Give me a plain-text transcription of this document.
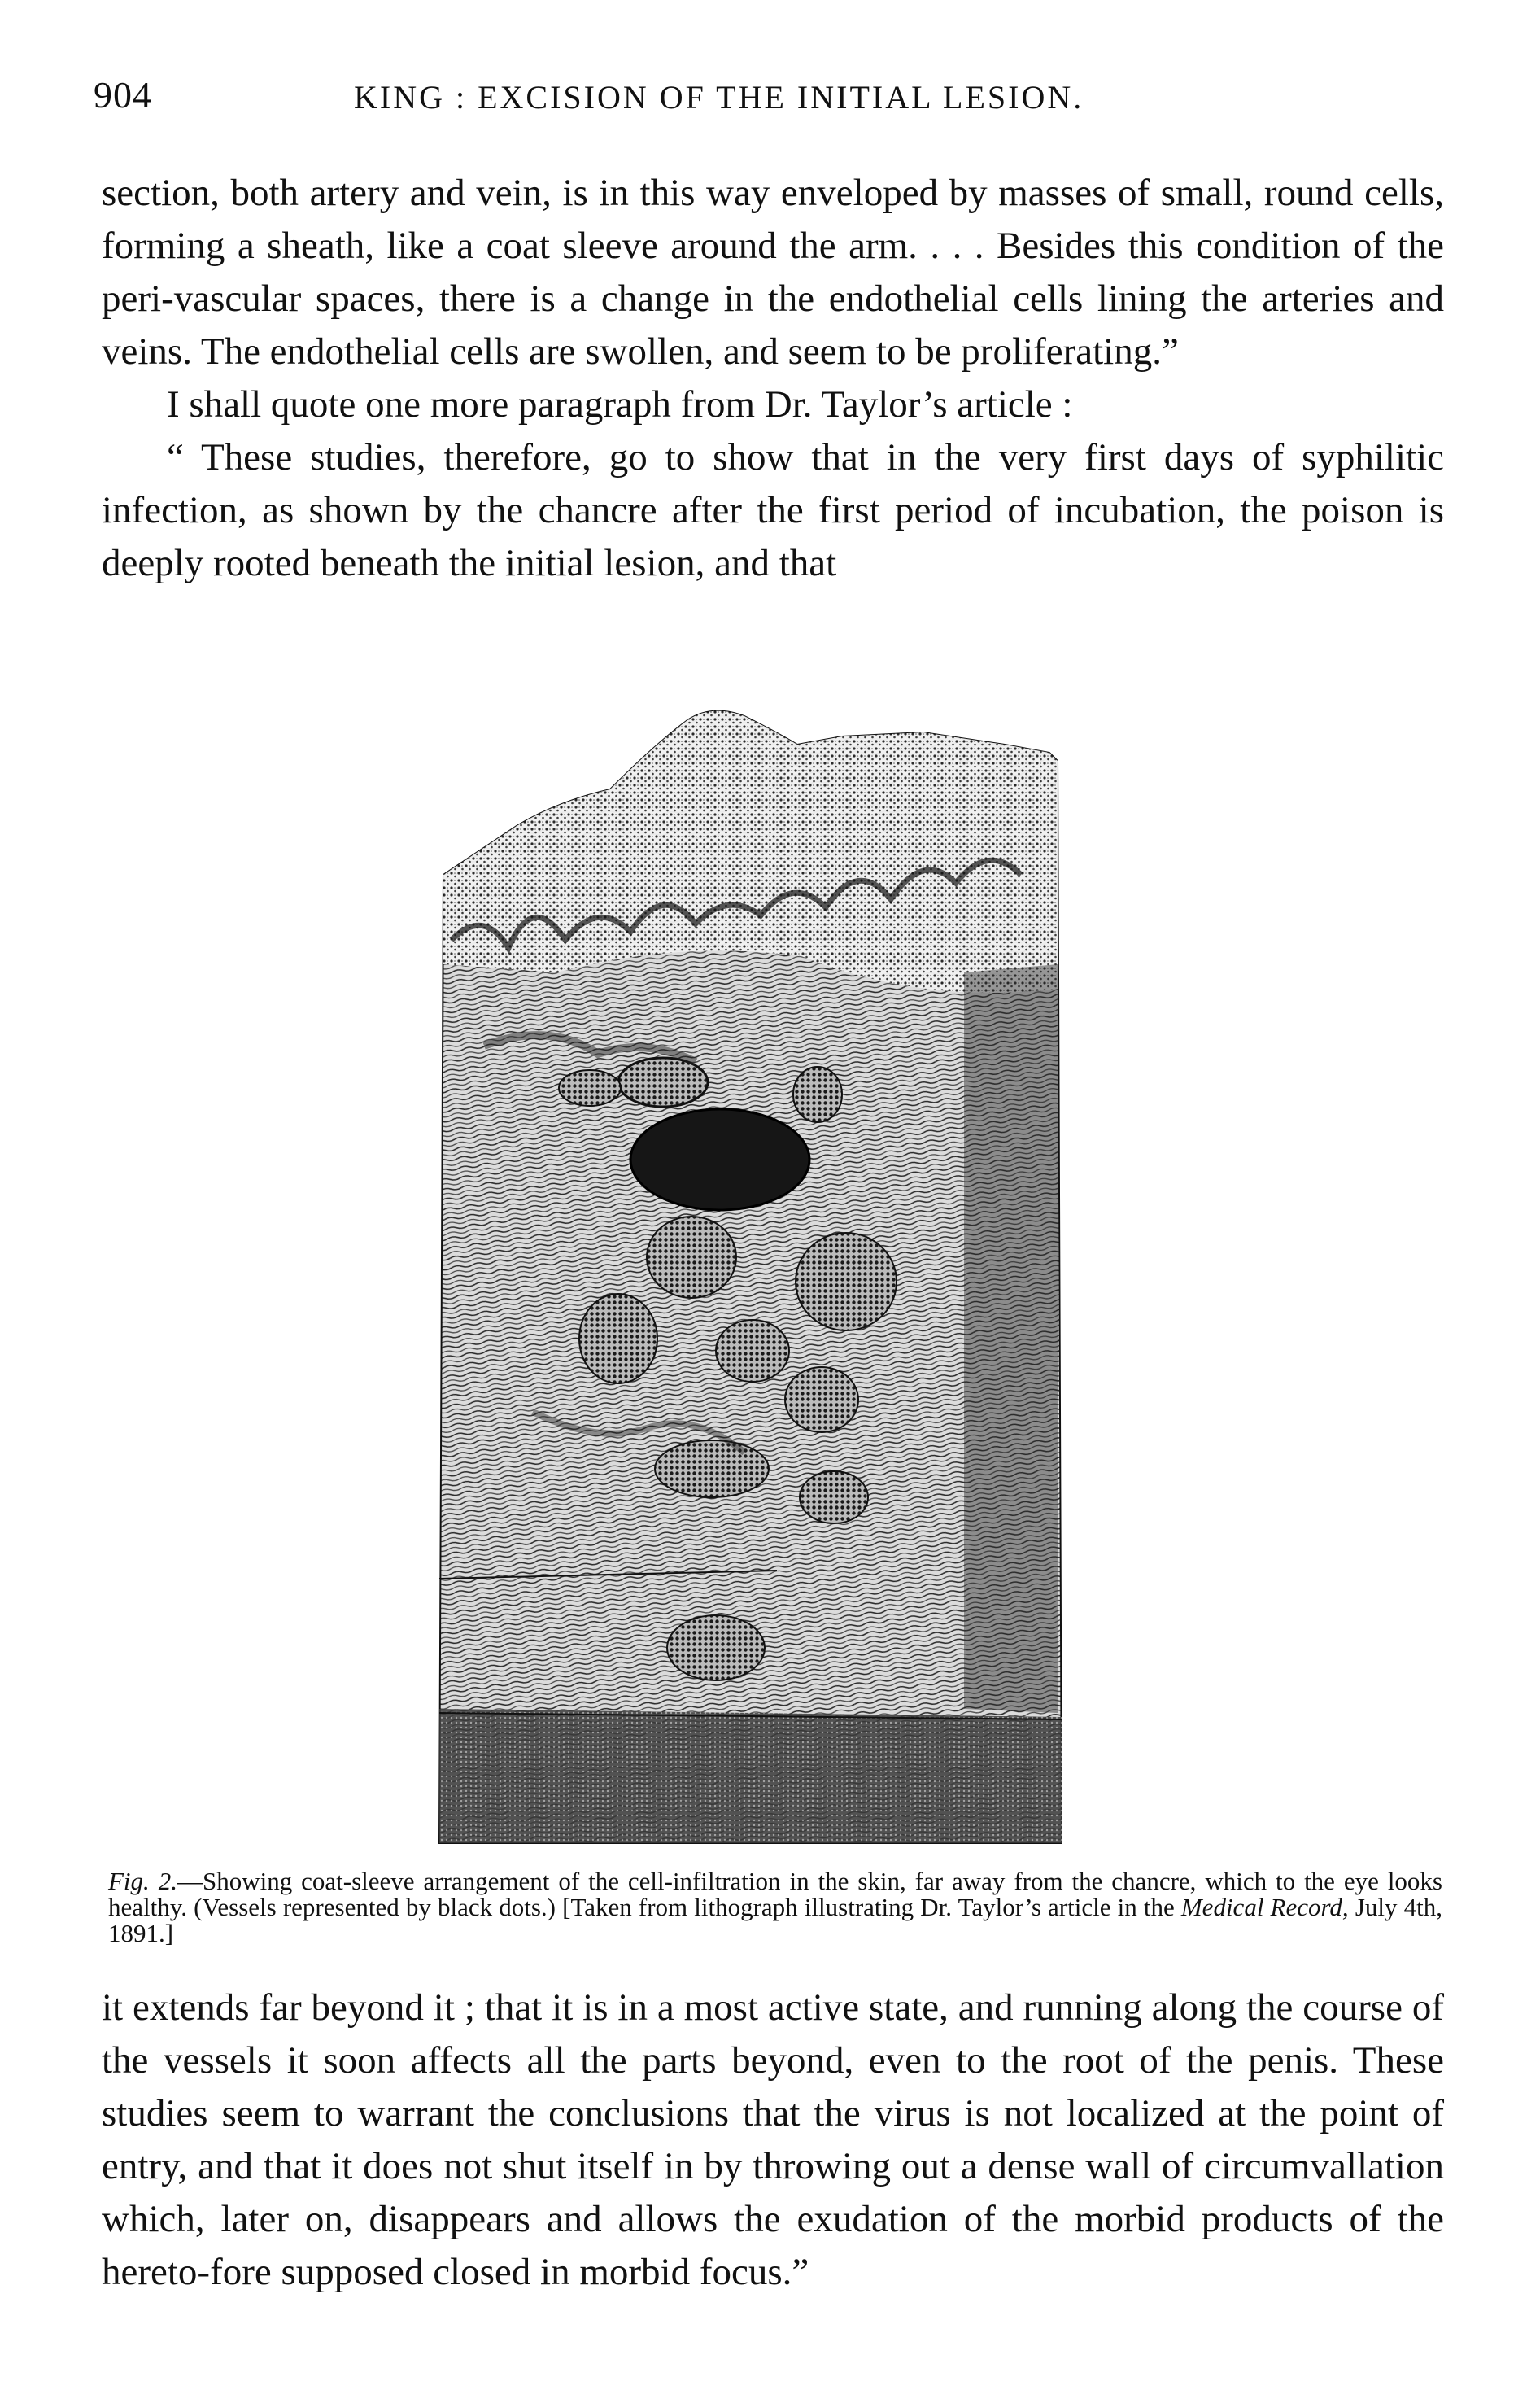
904	KING : EXCISION OF THE INITIAL LESION.

section, both artery and vein, is in this way enveloped by masses of small, round cells, forming a sheath, like a coat sleeve around the arm. . . . Besides this condition of the peri-vascular spaces, there is a change in the endothelial cells lining the arteries and veins. The endothelial cells are swollen, and seem to be proliferating.”

I shall quote one more paragraph from Dr. Taylor’s article :

“ These studies, therefore, go to show that in the very first days of syphilitic infection, as shown by the chancre after the first period of incubation, the poison is deeply rooted beneath the initial lesion, and that

Fig. 2.—Showing coat-sleeve arrangement of the cell-infiltration in the skin, far away from the chancre, which to the eye looks healthy. (Vessels represented by black dots.) [Taken from lithograph illustrating Dr. Taylor’s article in the Medical Record, July 4th, 1891.]

it extends far beyond it ; that it is in a most active state, and running along the course of the vessels it soon affects all the parts beyond, even to the root of the penis. These studies seem to warrant the conclusions that the virus is not localized at the point of entry, and that it does not shut itself in by throwing out a dense wall of circumvallation which, later on, disappears and allows the exudation of the morbid products of the hereto-fore supposed closed in morbid focus.”
